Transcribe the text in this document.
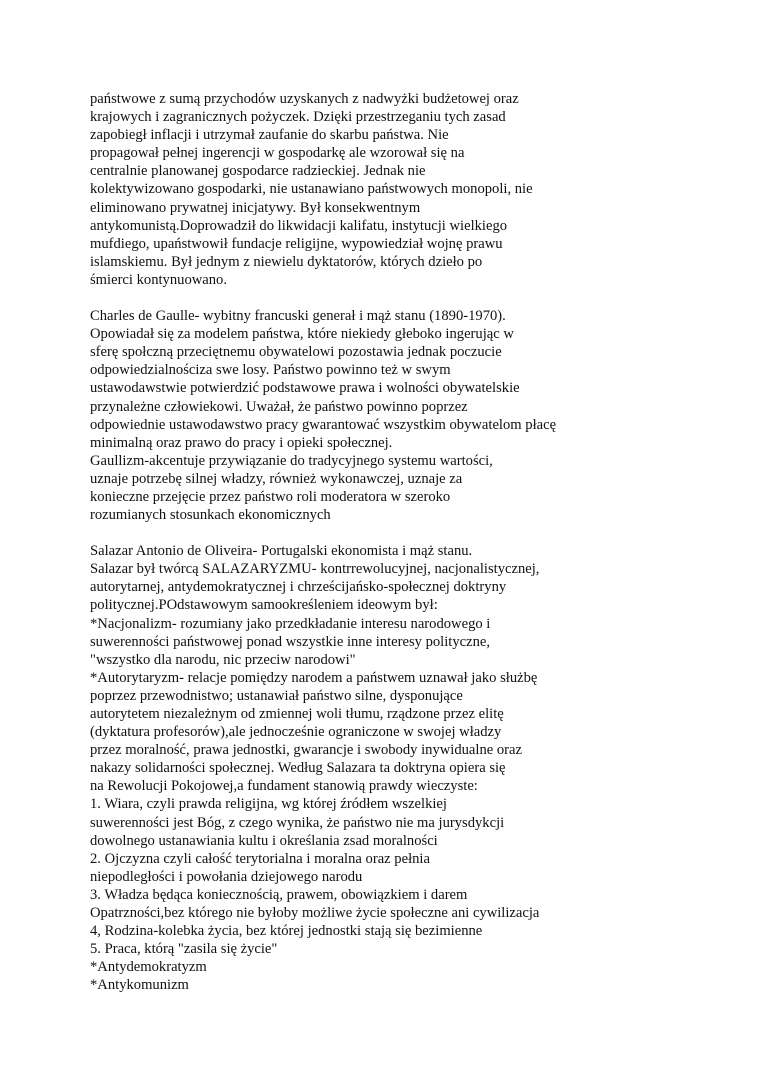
państwowe z sumą przychodów uzyskanych z nadwyżki budżetowej oraz
krajowych i zagranicznych pożyczek. Dzięki przestrzeganiu tych zasad
zapobiegł inflacji i utrzymał zaufanie do skarbu państwa. Nie
propagował pełnej ingerencji w gospodarkę ale wzorował się na
centralnie planowanej gospodarce radzieckiej. Jednak nie
kolektywizowano gospodarki, nie ustanawiano państwowych monopoli, nie
eliminowano prywatnej inicjatywy. Był konsekwentnym
antykomunistą.Doprowadził do likwidacji kalifatu, instytucji wielkiego
mufdiego, upaństwowił fundacje religijne, wypowiedział wojnę prawu
islamskiemu. Był jednym z niewielu dyktatorów, których dzieło po
śmierci kontynuowano.
Charles de Gaulle- wybitny francuski generał i mąż stanu (1890-1970).
Opowiadał się za modelem państwa, które niekiedy głeboko ingerując w
sferę społczną przeciętnemu obywatelowi pozostawia jednak poczucie
odpowiedzialnościza swe losy. Państwo powinno też w swym
ustawodawstwie potwierdzić podstawowe prawa i wolności obywatelskie
przynależne człowiekowi. Uważał, że państwo powinno poprzez
odpowiednie ustawodawstwo pracy gwarantować wszystkim obywatelom płacę
minimalną oraz prawo do pracy i opieki społecznej.
Gaullizm-akcentuje przywiązanie do tradycyjnego systemu wartości,
uznaje potrzebę silnej władzy, również wykonawczej, uznaje za
konieczne przejęcie przez państwo roli moderatora w szeroko
rozumianych stosunkach ekonomicznych
Salazar Antonio de Oliveira- Portugalski ekonomista i mąż stanu.
Salazar był twórcą SALAZARYZMU- kontrrewolucyjnej, nacjonalistycznej,
autorytarnej, antydemokratycznej i chrześcijańsko-społecznej doktryny
politycznej.POdstawowym samookreśleniem ideowym był:
*Nacjonalizm- rozumiany jako przedkładanie interesu narodowego i
suwerenności państwowej ponad wszystkie inne interesy polityczne,
"wszystko dla narodu, nic przeciw narodowi"
*Autorytaryzm- relacje pomiędzy narodem a państwem uznawał jako służbę
poprzez przewodnistwo; ustanawiał państwo silne, dysponujące
autorytetem niezależnym od zmiennej woli tłumu, rządzone przez elitę
(dyktatura profesorów),ale jednocześnie ograniczone w swojej władzy
przez moralność, prawa jednostki, gwarancje i swobody inywidualne oraz
nakazy solidarności społecznej. Według Salazara ta doktryna opiera się
na Rewolucji Pokojowej,a fundament stanowią prawdy wieczyste:
1. Wiara, czyli prawda religijna, wg której źródłem wszelkiej
suwerenności jest Bóg, z czego wynika, że państwo nie ma jurysdykcji
dowolnego ustanawiania kultu i określania zsad moralności
2. Ojczyzna czyli całość terytorialna i moralna oraz pełnia
niepodległości i powołania dziejowego narodu
3. Władza będąca koniecznością, prawem, obowiązkiem i darem
Opatrzności,bez którego nie byłoby możliwe życie społeczne ani cywilizacja
4, Rodzina-kolebka życia, bez której jednostki stają się bezimienne
5. Praca, którą "zasila się życie"
*Antydemokratyzm
*Antykomunizm
